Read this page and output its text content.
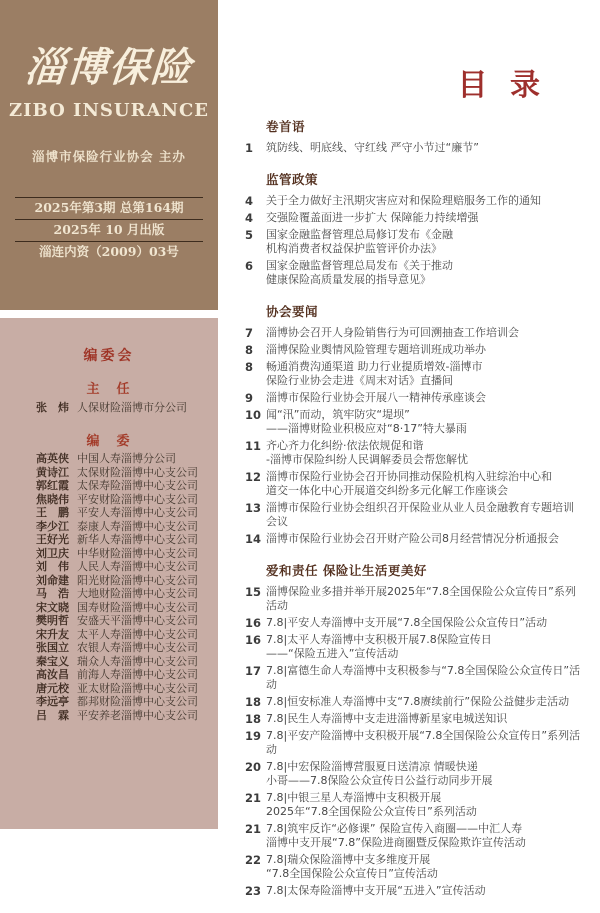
淄博保险
ZIBO INSURANCE
淄博市保险行业协会 主办
2025年第3期 总第164期
2025年 10 月出版
淄连内资（2009）03号
编委会
主　任
张　炜 人保财险淄博市分公司
编　委
高英侠 中国人寿淄博分公司
黄诗江 太保财险淄博中心支公司
郭红霞 太保寿险淄博中心支公司
焦晓伟 平安财险淄博中心支公司
王　鹏 平安人寿淄博中心支公司
李少江 泰康人寿淄博中心支公司
王好光 新华人寿淄博中心支公司
刘卫庆 中华财险淄博中心支公司
刘　伟 人民人寿淄博中心支公司
刘命建 阳光财险淄博中心支公司
马　浩 大地财险淄博中心支公司
宋文晓 国寿财险淄博中心支公司
樊明哲 安盛天平淄博中心支公司
宋升友 太平人寿淄博中心支公司
张国立 农银人寿淄博中心支公司
秦宝义 瑞众人寿淄博中心支公司
高汝昌 前海人寿淄博中心支公司
唐元校 亚太财险淄博中心支公司
李远亭 都邦财险淄博中心支公司
吕　霖 平安养老淄博中心支公司
目 录
卷首语
1	筑防线、明底线、守红线 严守小节过“廉节”
监管政策
4	关于全力做好主汛期灾害应对和保险理赔服务工作的通知
4	交强险覆盖面进一步扩大 保障能力持续增强
5	国家金融监督管理总局修订发布《金融
机构消费者权益保护监管评价办法》
6	国家金融监督管理总局发布《关于推动
健康保险高质量发展的指导意见》
协会要闻
7	淄博协会召开人身险销售行为可回溯抽查工作培训会
8	淄博保险业舆情风险管理专题培训班成功举办
8	畅通消费沟通渠道 助力行业提质增效-淄博市
保险行业协会走进《周末对话》直播间
9	淄博市保险行业协会开展八一精神传承座谈会
10 闻“汛”而动，筑牢防灾“堤坝”
——淄博财险业积极应对“8·17”特大暴雨
11 齐心齐力化纠纷·依法依规促和谐
-淄博市保险纠纷人民调解委员会帮您解忧
12 淄博市保险行业协会召开协同推动保险机构入驻综治中心和
道交一体化中心开展道交纠纷多元化解工作座谈会
13 淄博市保险行业协会组织召开保险业从业人员金融教育专题培训会议
14 淄博市保险行业协会召开财产险公司8月经营情况分析通报会
爱和责任 保险让生活更美好
15 淄博保险业多措并举开展2025年“7.8全国保险公众宣传日”系列活动
16 7.8|平安人寿淄博中支开展“7.8全国保险公众宣传日”活动
16 7.8|太平人寿淄博中支积极开展7.8保险宣传日
——“保险五进入”宣传活动
17 7.8|富德生命人寿淄博中支积极参与“7.8全国保险公众宣传日”活动
18 7.8|恒安标准人寿淄博中支“7.8赓续前行”保险公益健步走活动
18 7.8|民生人寿淄博中支走进淄博新星家电城送知识
19 7.8|平安产险淄博中支积极开展“7.8全国保险公众宣传日”系列活动
20 7.8|中宏保险淄博营服夏日送清凉 情暖快递
小哥——7.8保险公众宣传日公益行动同步开展
21 7.8|中银三星人寿淄博中支积极开展
2025年“7.8全国保险公众宣传日”系列活动
21 7.8|筑牢反诈“必修课” 保险宣传入商圈——中汇人寿
淄博中支开展“7.8”保险进商圈暨反保险欺诈宣传活动
22 7.8|瑞众保险淄博中支多维度开展
“7.8全国保险公众宣传日”宣传活动
23 7.8|太保寿险淄博中支开展“五进入”宣传活动
